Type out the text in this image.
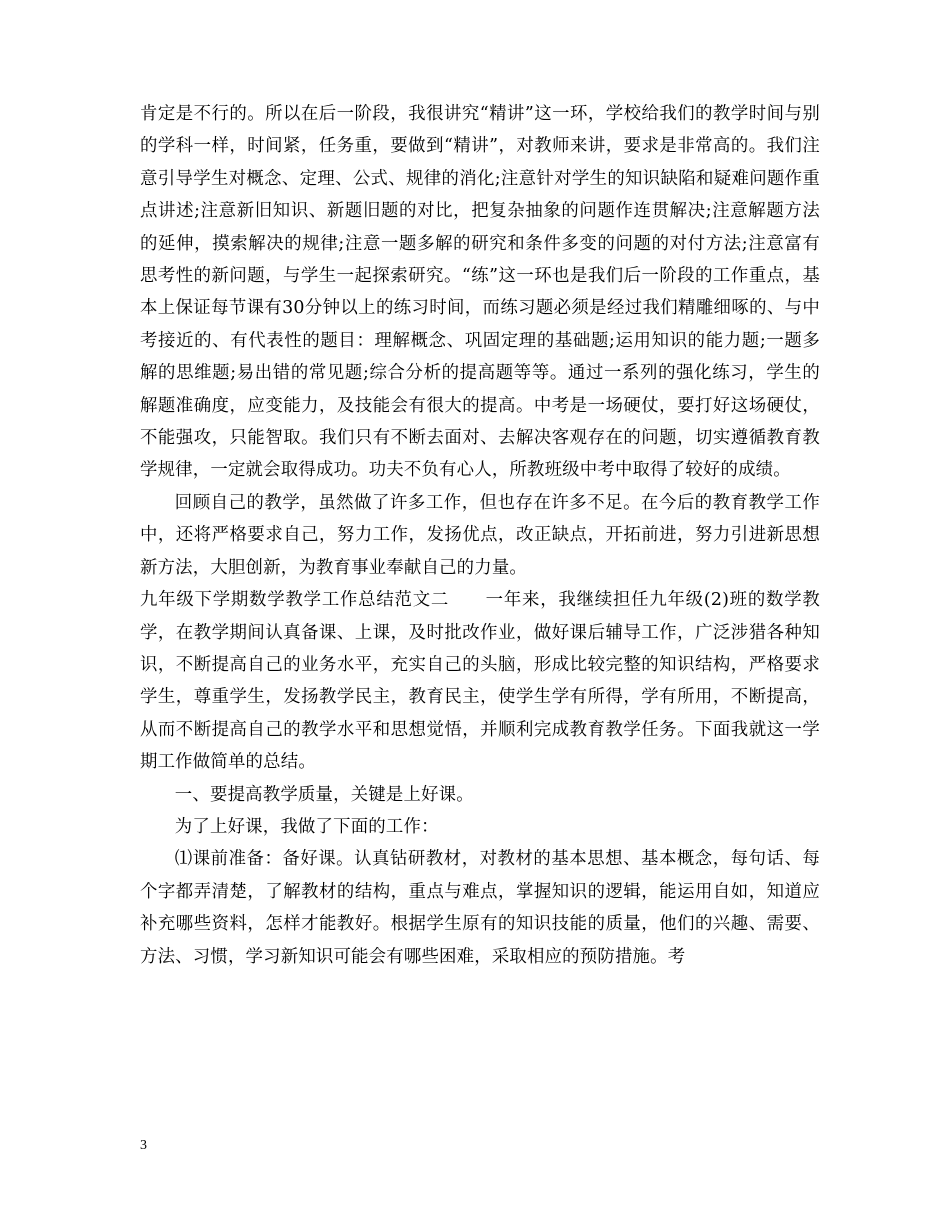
肯定是不行的。所以在后一阶段，我很讲究“精讲”这一环，学校给我们的教学时间与别的学科一样，时间紧，任务重，要做到“精讲”，对教师来讲，要求是非常高的。我们注意引导学生对概念、定理、公式、规律的消化;注意针对学生的知识缺陷和疑难问题作重点讲述;注意新旧知识、新题旧题的对比，把复杂抽象的问题作连贯解决;注意解题方法的延伸，摸索解决的规律;注意一题多解的研究和条件多变的问题的对付方法;注意富有思考性的新问题，与学生一起探索研究。“练”这一环也是我们后一阶段的工作重点，基本上保证每节课有30分钟以上的练习时间，而练习题必须是经过我们精雕细啄的、与中考接近的、有代表性的题目：理解概念、巩固定理的基础题;运用知识的能力题;一题多解的思维题;易出错的常见题;综合分析的提高题等等。通过一系列的强化练习，学生的解题准确度，应变能力，及技能会有很大的提高。中考是一场硬仗，要打好这场硬仗，不能强攻，只能智取。我们只有不断去面对、去解决客观存在的问题，切实遵循教育教学规律，一定就会取得成功。功夫不负有心人，所教班级中考中取得了较好的成绩。

回顾自己的教学，虽然做了许多工作，但也存在许多不足。在今后的教育教学工作中，还将严格要求自己，努力工作，发扬优点，改正缺点，开拓前进，努力引进新思想新方法，大胆创新，为教育事业奉献自己的力量。

九年级下学期数学教学工作总结范文二 一年来，我继续担任九年级(2)班的数学教学，在教学期间认真备课、上课，及时批改作业，做好课后辅导工作，广泛涉猎各种知识，不断提高自己的业务水平，充实自己的头脑，形成比较完整的知识结构，严格要求学生，尊重学生，发扬教学民主，教育民主，使学生学有所得，学有所用，不断提高，从而不断提高自己的教学水平和思想觉悟，并顺利完成教育教学任务。下面我就这一学期工作做简单的总结。

一、要提高教学质量，关键是上好课。

为了上好课，我做了下面的工作：

⑴课前准备：备好课。认真钻研教材，对教材的基本思想、基本概念，每句话、每个字都弄清楚，了解教材的结构，重点与难点，掌握知识的逻辑，能运用自如，知道应补充哪些资料，怎样才能教好。根据学生原有的知识技能的质量，他们的兴趣、需要、方法、习惯，学习新知识可能会有哪些困难，采取相应的预防措施。考

3
